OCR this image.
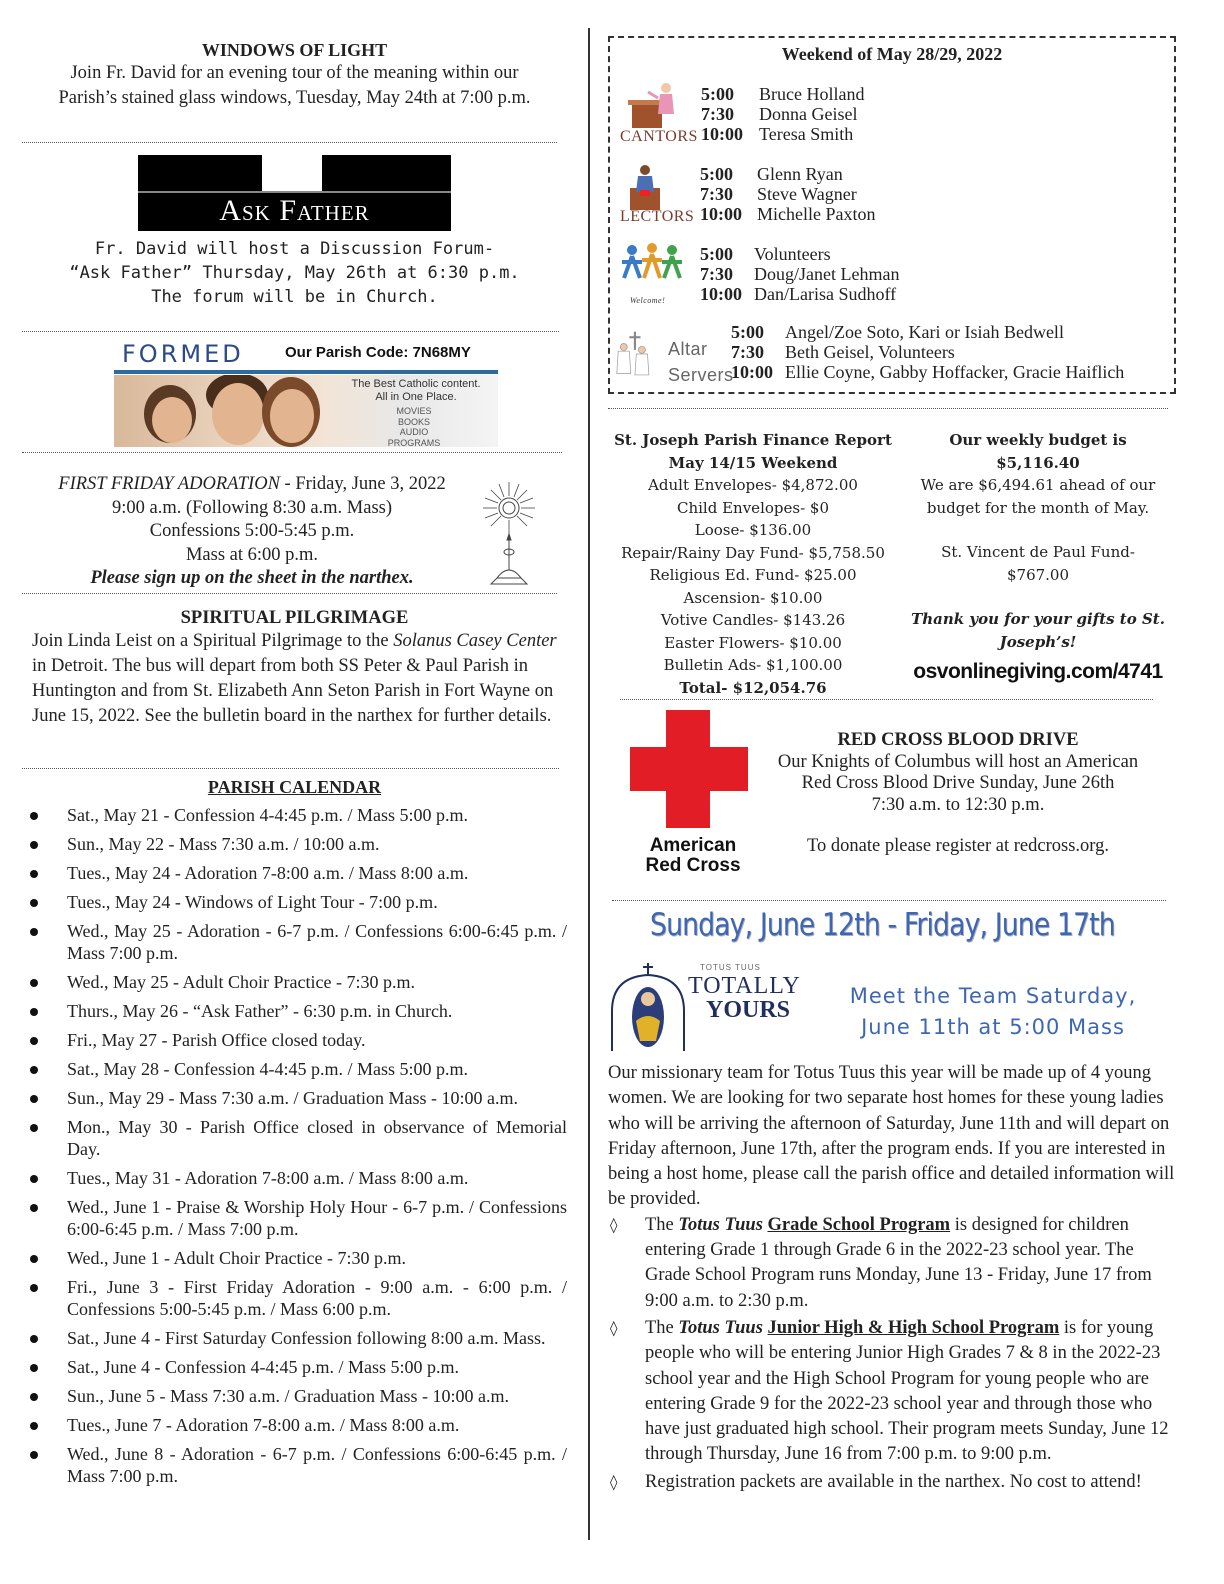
WINDOWS OF LIGHT
Join Fr. David for an evening tour of the meaning within our
Parish’s stained glass windows, Tuesday, May 24th at 7:00 p.m.
Ask Father
Fr. David will host a Discussion Forum-
“Ask Father” Thursday, May 26th at 6:30 p.m.
The forum will be in Church.
FORMED	Our Parish Code: 7N68MY
The Best Catholic content.
All in One Place.
MOVIES
BOOKS
AUDIO
PROGRAMS
FIRST FRIDAY ADORATION - Friday, June 3, 2022
9:00 a.m. (Following 8:30 a.m. Mass)
Confessions 5:00-5:45 p.m.
Mass at 6:00 p.m.
Please sign up on the sheet in the narthex.
SPIRITUAL PILGRIMAGE
Join Linda Leist on a Spiritual Pilgrimage to the Solanus Casey Center in Detroit. The bus will depart from both SS Peter & Paul Parish in Huntington and from St. Elizabeth Ann Seton Parish in Fort Wayne on June 15, 2022. See the bulletin board in the narthex for further details.
PARISH CALENDAR
Sat., May 21 - Confession 4-4:45 p.m. / Mass 5:00 p.m.
Sun., May 22 - Mass 7:30 a.m. / 10:00 a.m.
Tues., May 24 - Adoration 7-8:00 a.m. / Mass 8:00 a.m.
Tues., May 24 - Windows of Light Tour - 7:00 p.m.
Wed., May 25 - Adoration - 6-7 p.m. / Confessions 6:00-6:45 p.m. / Mass 7:00 p.m.
Wed., May 25 - Adult Choir Practice - 7:30 p.m.
Thurs., May 26 - “Ask Father” - 6:30 p.m. in Church.
Fri., May 27 - Parish Office closed today.
Sat., May 28 - Confession 4-4:45 p.m. / Mass 5:00 p.m.
Sun., May 29 - Mass 7:30 a.m. / Graduation Mass - 10:00 a.m.
Mon., May 30 - Parish Office closed in observance of Memorial Day.
Tues., May 31 - Adoration 7-8:00 a.m. / Mass 8:00 a.m.
Wed., June 1 - Praise & Worship Holy Hour - 6-7 p.m. / Confessions 6:00-6:45 p.m. / Mass 7:00 p.m.
Wed., June 1 - Adult Choir Practice - 7:30 p.m.
Fri., June 3 - First Friday Adoration - 9:00 a.m. - 6:00 p.m. / Confessions 5:00-5:45 p.m. / Mass 6:00 p.m.
Sat., June 4 - First Saturday Confession following 8:00 a.m. Mass.
Sat., June 4 - Confession 4-4:45 p.m. / Mass 5:00 p.m.
Sun., June 5 - Mass 7:30 a.m. / Graduation Mass - 10:00 a.m.
Tues., June 7 - Adoration 7-8:00 a.m. / Mass 8:00 a.m.
Wed., June 8 - Adoration - 6-7 p.m. / Confessions 6:00-6:45 p.m. / Mass 7:00 p.m.
Weekend of May 28/29, 2022
CANTORS
5:00 Bruce Holland
7:30 Donna Geisel
10:00 Teresa Smith
LECTORS
5:00 Glenn Ryan
7:30 Steve Wagner
10:00 Michelle Paxton
Welcome!
5:00 Volunteers
7:30 Doug/Janet Lehman
10:00 Dan/Larisa Sudhoff
Altar Servers
5:00 Angel/Zoe Soto, Kari or Isiah Bedwell
7:30 Beth Geisel, Volunteers
10:00 Ellie Coyne, Gabby Hoffacker, Gracie Haiflich
St. Joseph Parish Finance Report
May 14/15 Weekend
Adult Envelopes- $4,872.00
Child Envelopes- $0
Loose- $136.00
Repair/Rainy Day Fund- $5,758.50
Religious Ed. Fund- $25.00
Ascension- $10.00
Votive Candles- $143.26
Easter Flowers- $10.00
Bulletin Ads- $1,100.00
Total- $12,054.76
Our weekly budget is $5,116.40
We are $6,494.61 ahead of our budget for the month of May.
St. Vincent de Paul Fund-
$767.00
Thank you for your gifts to St. Joseph’s!
osvonlinegiving.com/4741
American
Red Cross
RED CROSS BLOOD DRIVE
Our Knights of Columbus will host an American
Red Cross Blood Drive Sunday, June 26th
7:30 a.m. to 12:30 p.m.
To donate please register at redcross.org.
Sunday, June 12th - Friday, June 17th
TOTUS TUUS
TOTALLY
YOURS
Meet the Team Saturday,
June 11th at 5:00 Mass
Our missionary team for Totus Tuus this year will be made up of 4 young women. We are looking for two separate host homes for these young ladies who will be arriving the afternoon of Saturday, June 11th and will depart on Friday afternoon, June 17th, after the program ends. If you are interested in being a host home, please call the parish office and detailed information will be provided.
◊ The Totus Tuus Grade School Program is designed for children entering Grade 1 through Grade 6 in the 2022-23 school year. The Grade School Program runs Monday, June 13 - Friday, June 17 from 9:00 a.m. to 2:30 p.m.
◊ The Totus Tuus Junior High & High School Program is for young people who will be entering Junior High Grades 7 & 8 in the 2022-23 school year and the High School Program for young people who are entering Grade 9 for the 2022-23 school year and through those who have just graduated high school. Their program meets Sunday, June 12 through Thursday, June 16 from 7:00 p.m. to 9:00 p.m.
◊ Registration packets are available in the narthex. No cost to attend!
